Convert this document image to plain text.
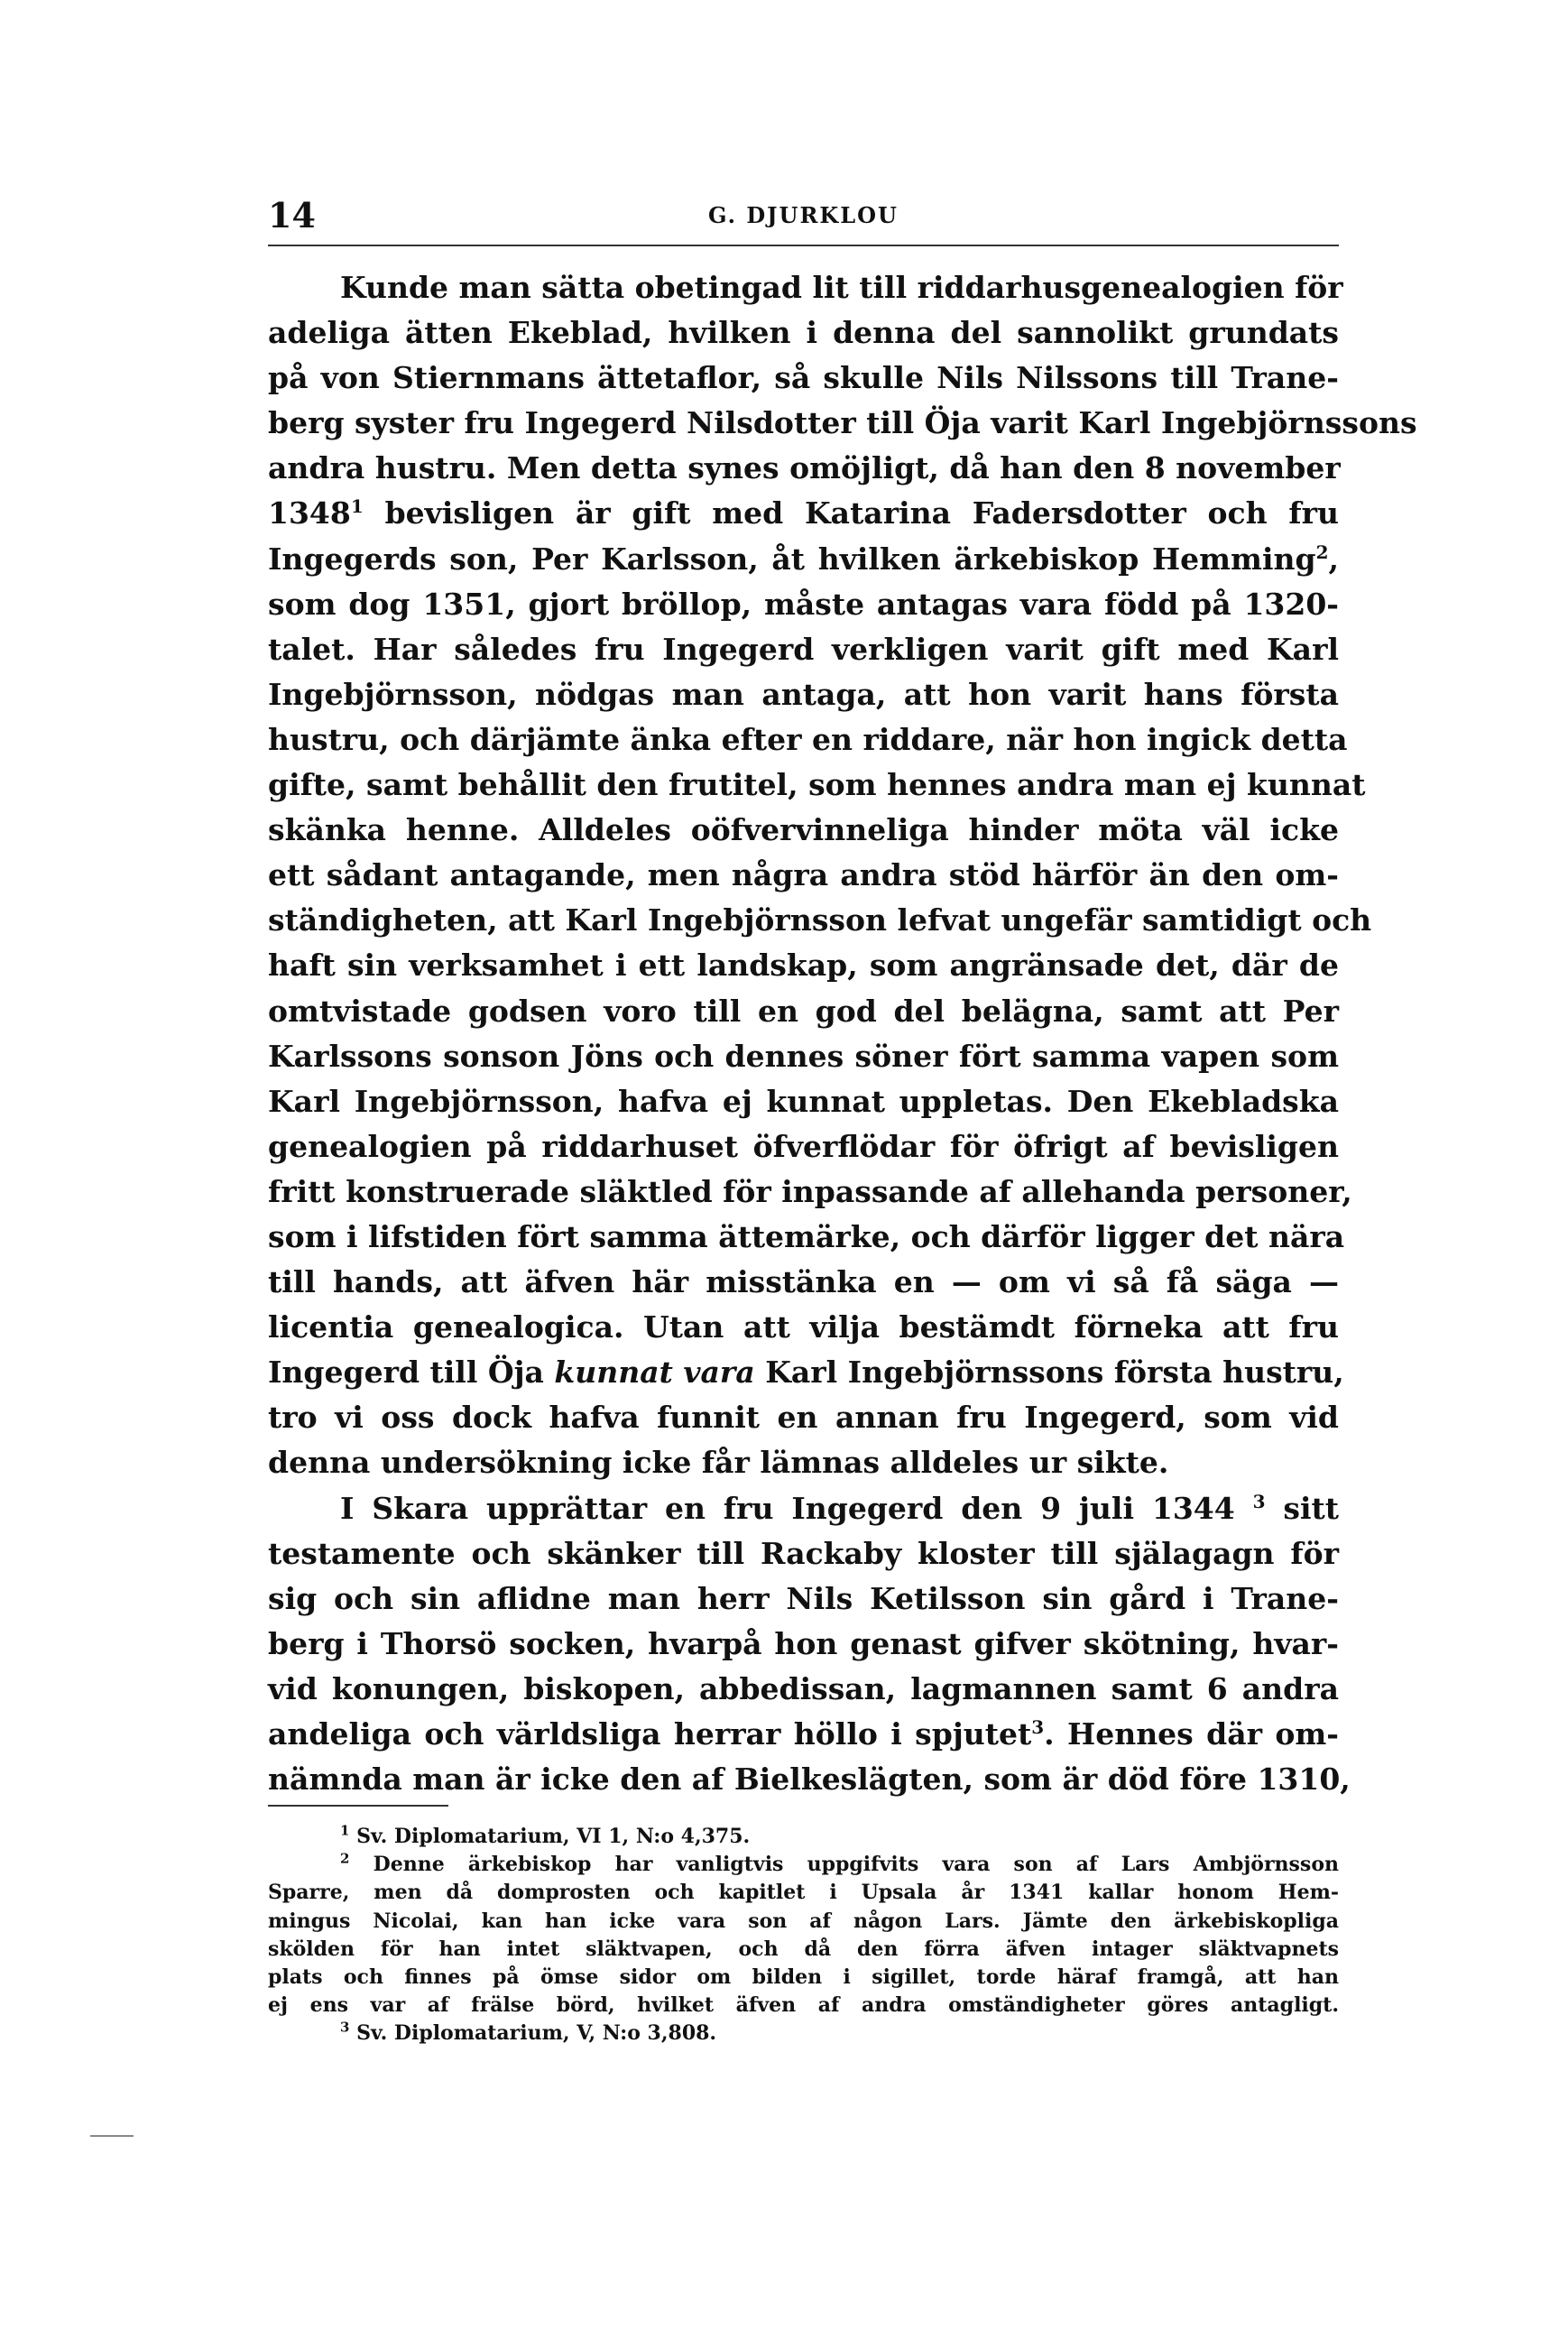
14	G. DJURKLOU
Kunde man sätta obetingad lit till riddarhusgenealogien för
adeliga ätten Ekeblad, hvilken i denna del sannolikt grundats
på von Stiernmans ättetaflor, så skulle Nils Nilssons till Trane-
berg syster fru Ingegerd Nilsdotter till Öja varit Karl Ingebjörnssons
andra hustru. Men detta synes omöjligt, då han den 8 november
1348$^1$ bevisligen är gift med Katarina Fadersdotter och fru
Ingegerds son, Per Karlsson, åt hvilken ärkebiskop Hemming$^2$,
som dog 1351, gjort bröllop, måste antagas vara född på 1320-
talet. Har således fru Ingegerd verkligen varit gift med Karl
Ingebjörnsson, nödgas man antaga, att hon varit hans första
hustru, och därjämte änka efter en riddare, när hon ingick detta
gifte, samt behållit den frutitel, som hennes andra man ej kunnat
skänka henne. Alldeles oöfvervinneliga hinder möta väl icke
ett sådant antagande, men några andra stöd härför än den om-
ständigheten, att Karl Ingebjörnsson lefvat ungefär samtidigt och
haft sin verksamhet i ett landskap, som angränsade det, där de
omtvistade godsen voro till en god del belägna, samt att Per
Karlssons sonson Jöns och dennes söner fört samma vapen som
Karl Ingebjörnsson, hafva ej kunnat uppletas. Den Ekebladska
genealogien på riddarhuset öfverflödar för öfrigt af bevisligen
fritt konstruerade släktled för inpassande af allehanda personer,
som i lifstiden fört samma ättemärke, och därför ligger det nära
till hands, att äfven här misstänka en — om vi så få säga —
licentia genealogica. Utan att vilja bestämdt förneka att fru
Ingegerd till Öja kunnat vara Karl Ingebjörnssons första hustru,
tro vi oss dock hafva funnit en annan fru Ingegerd, som vid
denna undersökning icke får lämnas alldeles ur sikte.
I Skara upprättar en fru Ingegerd den 9 juli 1344 $^3$ sitt
testamente och skänker till Rackaby kloster till själagagn för
sig och sin aflidne man herr Nils Ketilsson sin gård i Trane-
berg i Thorsö socken, hvarpå hon genast gifver skötning, hvar-
vid konungen, biskopen, abbedissan, lagmannen samt 6 andra
andeliga och världsliga herrar höllo i spjutet$^3$. Hennes där om-
nämnda man är icke den af Bielkeslägten, som är död före 1310,
$^1$ Sv. Diplomatarium, VI 1, N:o 4,375.
$^2$ Denne ärkebiskop har vanligtvis uppgifvits vara son af Lars Ambjörnsson
Sparre, men då domprosten och kapitlet i Upsala år 1341 kallar honom Hem-
mingus Nicolai, kan han icke vara son af någon Lars. Jämte den ärkebiskopliga
skölden för han intet släktvapen, och då den förra äfven intager släktvapnets
plats och finnes på ömse sidor om bilden i sigillet, torde häraf framgå, att han
ej ens var af frälse börd, hvilket äfven af andra omständigheter göres antagligt.
$^3$ Sv. Diplomatarium, V, N:o 3,808.
